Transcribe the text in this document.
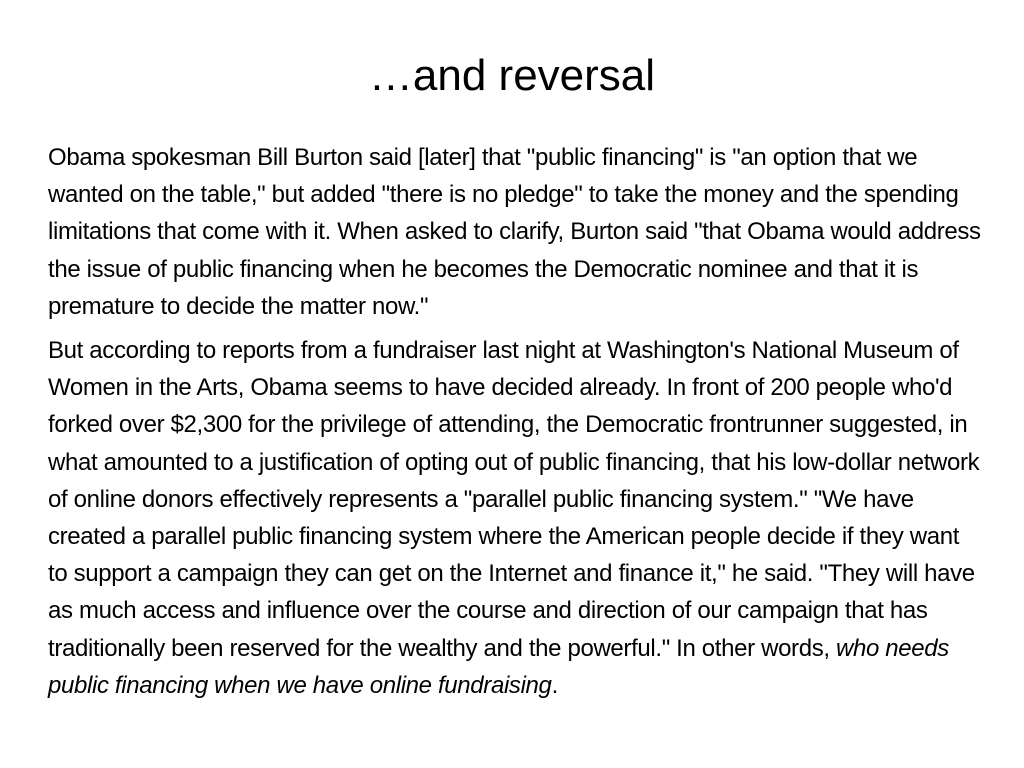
…and reversal

Obama spokesman Bill Burton said [later] that "public financing" is "an option that we wanted on the table," but added "there is no pledge" to take the money and the spending limitations that come with it. When asked to clarify, Burton said "that Obama would address the issue of public financing when he becomes the Democratic nominee and that it is premature to decide the matter now."

But according to reports from a fundraiser last night at Washington's National Museum of Women in the Arts, Obama seems to have decided already. In front of 200 people who'd forked over $2,300 for the privilege of attending, the Democratic frontrunner suggested, in what amounted to a justification of opting out of public financing, that his low-dollar network of online donors effectively represents a "parallel public financing system." "We have created a parallel public financing system where the American people decide if they want to support a campaign they can get on the Internet and finance it," he said. "They will have as much access and influence over the course and direction of our campaign that has traditionally been reserved for the wealthy and the powerful." In other words, who needs public financing when we have online fundraising.
